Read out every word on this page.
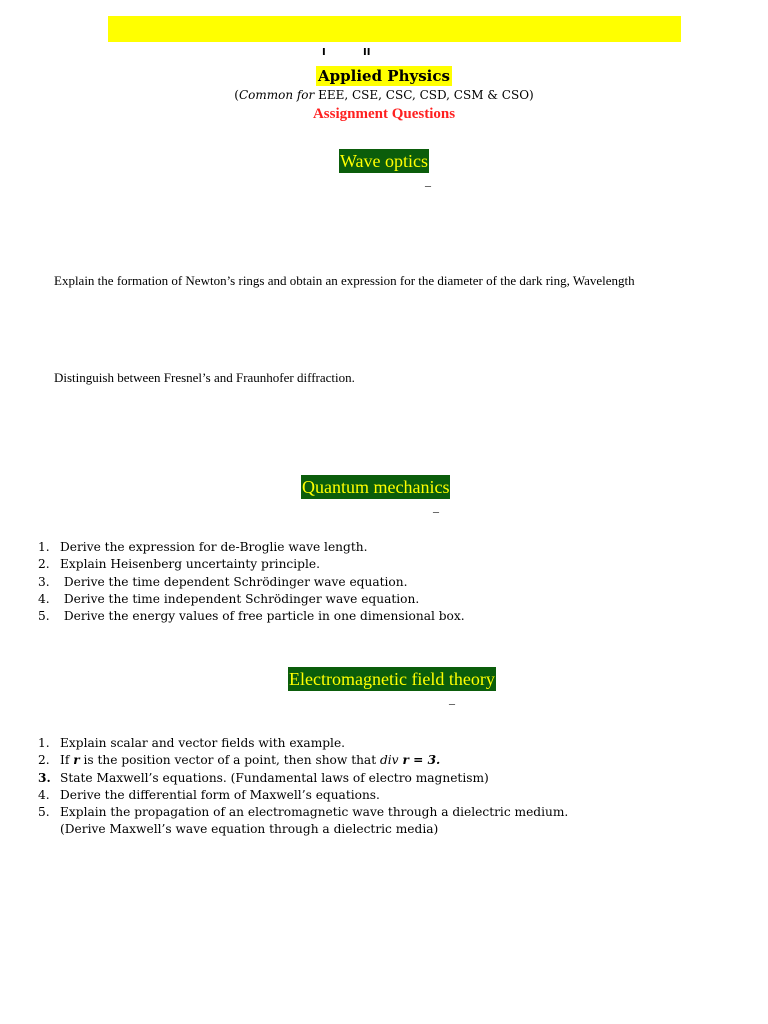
I	II
Applied Physics
(Common for EEE, CSE, CSC, CSD, CSM & CSO)
Assignment Questions
Wave optics
–
Explain the formation of Newton’s rings and obtain an expression for the diameter of the dark ring, Wavelength
Distinguish between Fresnel’s and Fraunhofer diffraction.
Quantum mechanics
–
1. Derive the expression for de-Broglie wave length.
2. Explain Heisenberg uncertainty principle.
3. Derive the time dependent Schrödinger wave equation.
4. Derive the time independent Schrödinger wave equation.
5. Derive the energy values of free particle in one dimensional box.
Electromagnetic field theory
–
1. Explain scalar and vector fields with example.
2. If r is the position vector of a point, then show that div r = 3.
3. State Maxwell’s equations. (Fundamental laws of electro magnetism)
4. Derive the differential form of Maxwell’s equations.
5. Explain the propagation of an electromagnetic wave through a dielectric medium.
(Derive Maxwell’s wave equation through a dielectric media)
